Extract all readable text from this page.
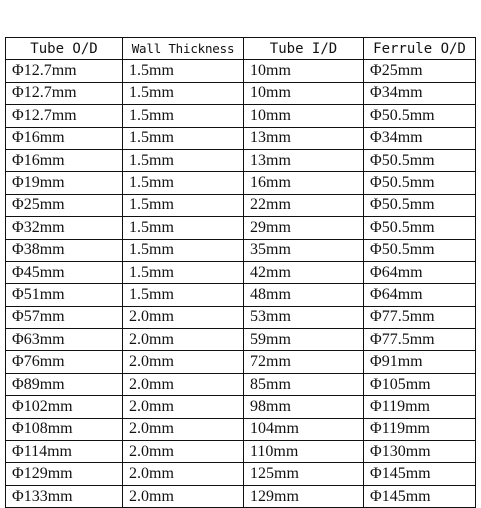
Tube O/D	Wall Thickness	Tube I/D	Ferrule O/D
Φ12.7mm	1.5mm	10mm	Φ25mm
Φ12.7mm	1.5mm	10mm	Φ34mm
Φ12.7mm	1.5mm	10mm	Φ50.5mm
Φ16mm	1.5mm	13mm	Φ34mm
Φ16mm	1.5mm	13mm	Φ50.5mm
Φ19mm	1.5mm	16mm	Φ50.5mm
Φ25mm	1.5mm	22mm	Φ50.5mm
Φ32mm	1.5mm	29mm	Φ50.5mm
Φ38mm	1.5mm	35mm	Φ50.5mm
Φ45mm	1.5mm	42mm	Φ64mm
Φ51mm	1.5mm	48mm	Φ64mm
Φ57mm	2.0mm	53mm	Φ77.5mm
Φ63mm	2.0mm	59mm	Φ77.5mm
Φ76mm	2.0mm	72mm	Φ91mm
Φ89mm	2.0mm	85mm	Φ105mm
Φ102mm	2.0mm	98mm	Φ119mm
Φ108mm	2.0mm	104mm	Φ119mm
Φ114mm	2.0mm	110mm	Φ130mm
Φ129mm	2.0mm	125mm	Φ145mm
Φ133mm	2.0mm	129mm	Φ145mm
